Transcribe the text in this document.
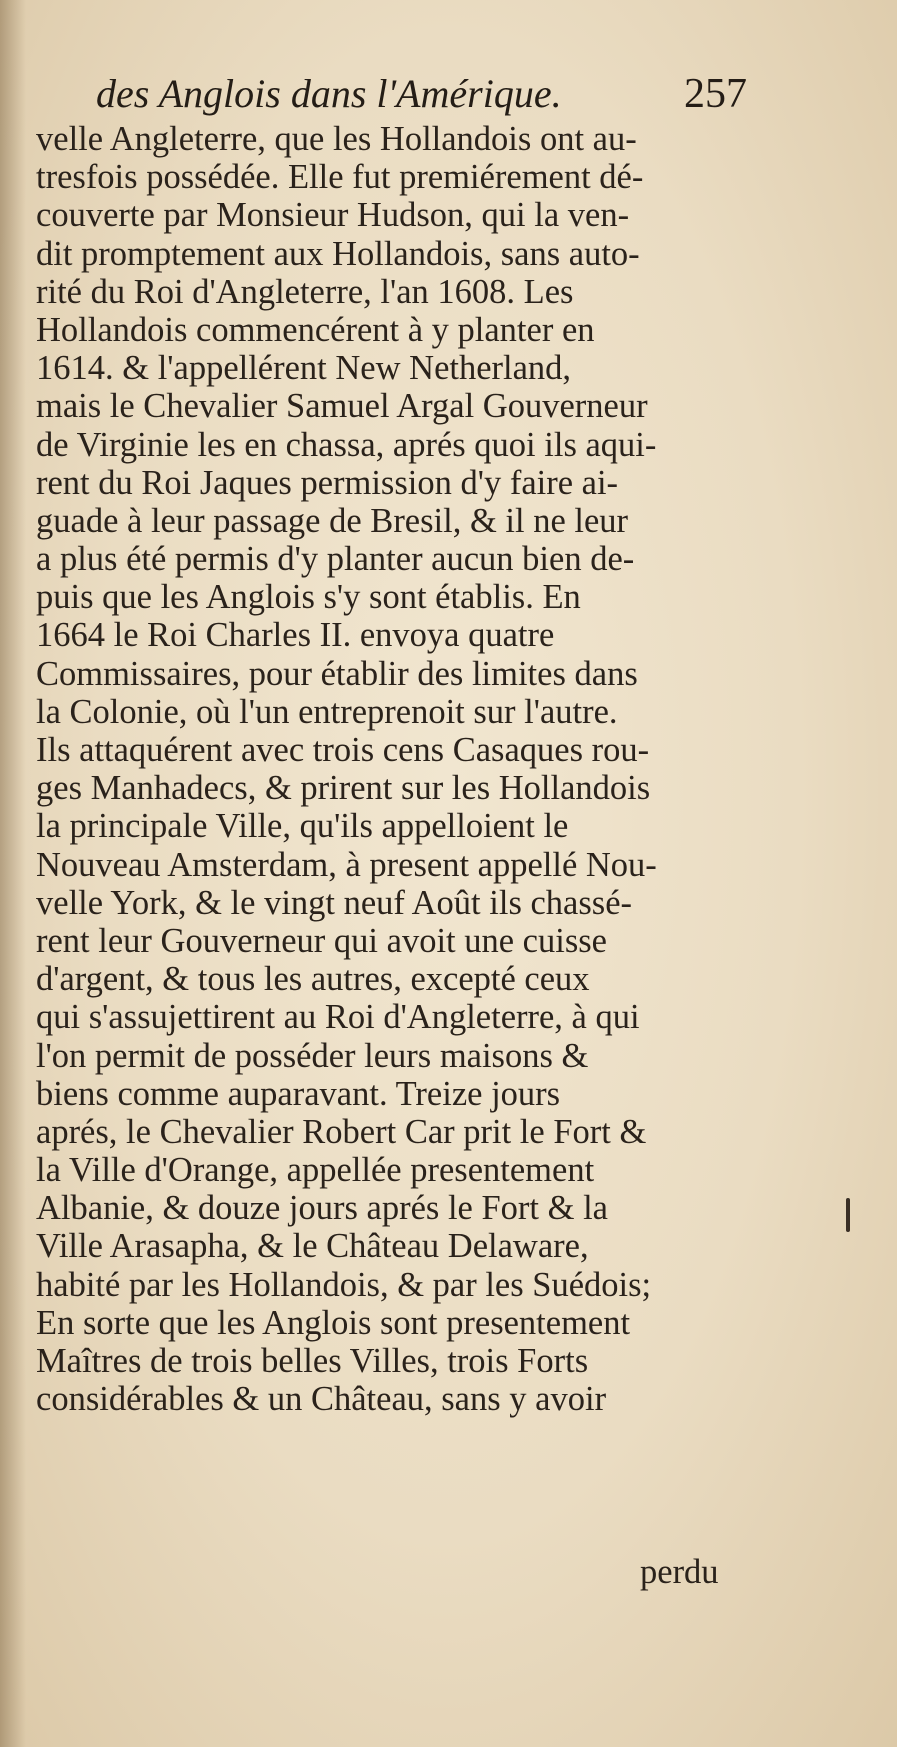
des Anglois dans l'Amérique.	257
velle Angleterre, que les Hollandois ont au-
tresfois possédée. Elle fut premiérement dé-
couverte par Monsieur Hudson, qui la ven-
dit promptement aux Hollandois, sans auto-
rité du Roi d'Angleterre, l'an 1608. Les
Hollandois commencérent à y planter en
1614. & l'appellérent New Netherland,
mais le Chevalier Samuel Argal Gouverneur
de Virginie les en chassa, aprés quoi ils aqui-
rent du Roi Jaques permission d'y faire ai-
guade à leur passage de Bresil, & il ne leur
a plus été permis d'y planter aucun bien de-
puis que les Anglois s'y sont établis. En
1664 le Roi Charles II. envoya quatre
Commissaires, pour établir des limites dans
la Colonie, où l'un entreprenoit sur l'autre.
Ils attaquérent avec trois cens Casaques rou-
ges Manhadecs, & prirent sur les Hollandois
la principale Ville, qu'ils appelloient le
Nouveau Amsterdam, à present appellé Nou-
velle York, & le vingt neuf Août ils chassé-
rent leur Gouverneur qui avoit une cuisse
d'argent, & tous les autres, excepté ceux
qui s'assujettirent au Roi d'Angleterre, à qui
l'on permit de posséder leurs maisons &
biens comme auparavant. Treize jours
aprés, le Chevalier Robert Car prit le Fort &
la Ville d'Orange, appellée presentement
Albanie, & douze jours aprés le Fort & la
Ville Arasapha, & le Château Delaware,
habité par les Hollandois, & par les Suédois;
En sorte que les Anglois sont presentement
Maîtres de trois belles Villes, trois Forts
considérables & un Château, sans y avoir
perdu
